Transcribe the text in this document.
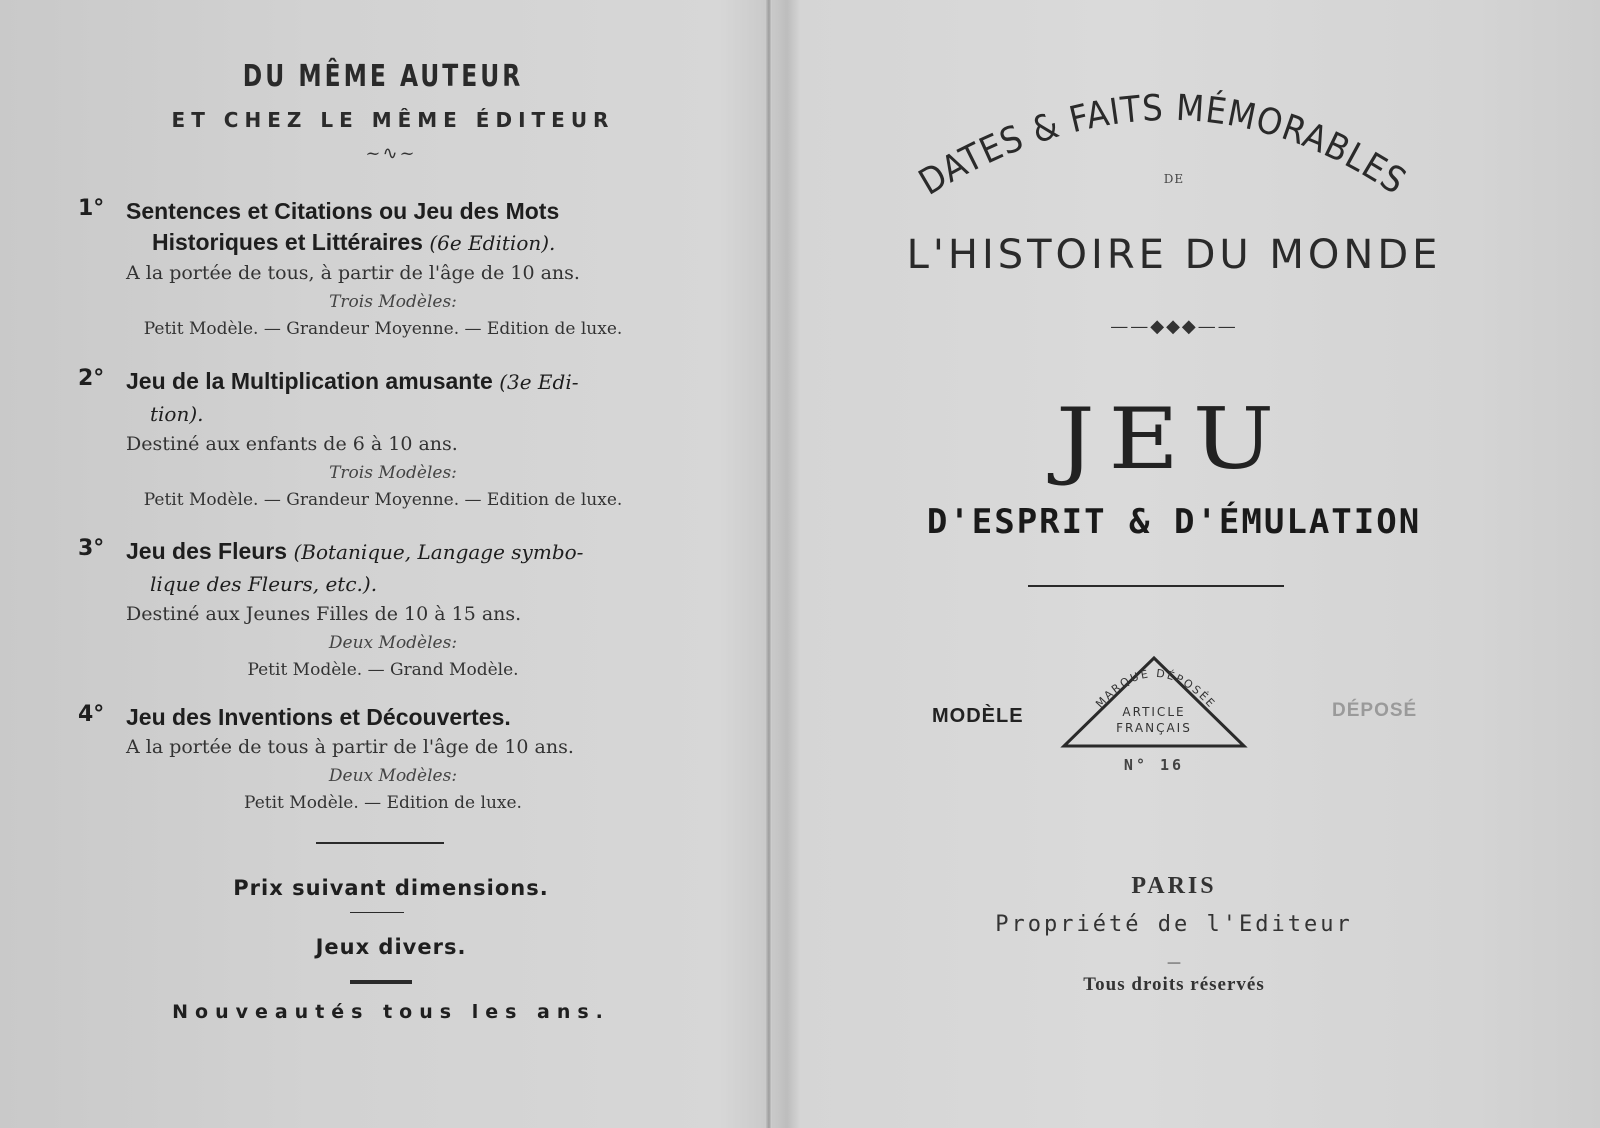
DU MÊME AUTEUR
ET CHEZ LE MÊME ÉDITEUR
~∿~
1° Sentences et Citations ou Jeu des Mots
Historiques et Littéraires (6e Edition).
A la portée de tous, à partir de l'âge de 10 ans.
Trois Modèles:
Petit Modèle. — Grandeur Moyenne. — Edition de luxe.
2° Jeu de la Multiplication amusante (3e Edi-
tion).
Destiné aux enfants de 6 à 10 ans.
Trois Modèles:
Petit Modèle. — Grandeur Moyenne. — Edition de luxe.
3° Jeu des Fleurs (Botanique, Langage symbo-
lique des Fleurs, etc.).
Destiné aux Jeunes Filles de 10 à 15 ans.
Deux Modèles:
Petit Modèle. — Grand Modèle.
4° Jeu des Inventions et Découvertes.
A la portée de tous à partir de l'âge de 10 ans.
Deux Modèles:
Petit Modèle. — Edition de luxe.
Prix suivant dimensions.
Jeux divers.
Nouveautés tous les ans.
DATES & FAITS MÉMORABLES
DE
L'HISTOIRE DU MONDE
——◆◆◆——
JEU
D'ESPRIT & D'ÉMULATION
MODÈLE
MARQUE DÉPOSÉE
ARTICLE
FRANÇAIS
N° 16
DÉPOSÉ
PARIS
Propriété de l'Editeur
—
Tous droits réservés
